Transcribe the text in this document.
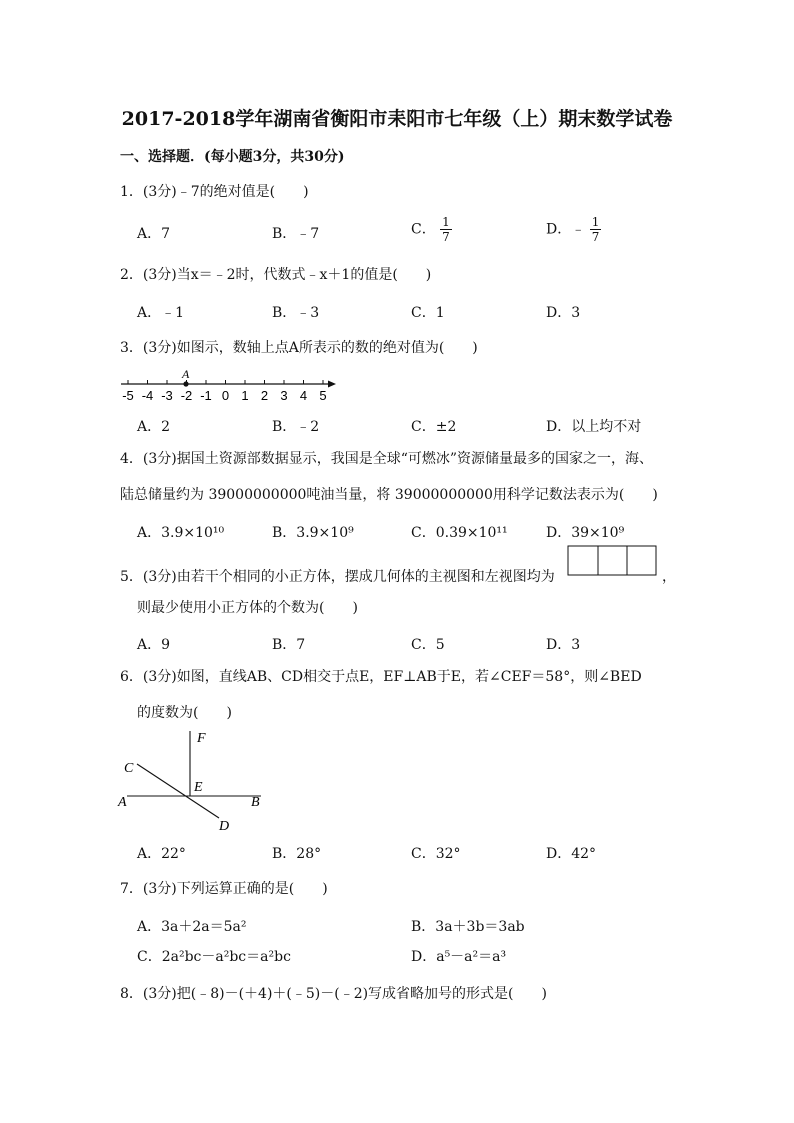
2017-2018学年湖南省衡阳市耒阳市七年级（上）期末数学试卷
一、选择题．(每小题3分，共30分)
1．(3分)﹣7的绝对值是(　　)
A．7	B．﹣7	C． $\frac{1}{7}$	D．﹣ $\frac{1}{7}$
2．(3分)当x＝﹣2时，代数式﹣x＋1的值是(　　)
A．﹣1	B．﹣3	C．1	D．3
3．(3分)如图示，数轴上点A所表示的数的绝对值为(　　)
A
-5 -4 -3 -2 -1 0 1 2 3 4 5
A．2	B．﹣2	C．±2	D．以上均不对
4．(3分)据国土资源部数据显示，我国是全球“可燃冰”资源储量最多的国家之一，海、
陆总储量约为 39000000000吨油当量，将 39000000000用科学记数法表示为(　　)
A．3.9×10¹⁰	B．3.9×10⁹	C．0.39×10¹¹	D．39×10⁹
5．(3分)由若干个相同的小正方体，摆成几何体的主视图和左视图均为	，
则最少使用小正方体的个数为(　　)
A．9	B．7	C．5	D．3
6．(3分)如图，直线AB、CD相交于点E，EF⊥AB于E，若∠CEF＝58°，则∠BED
的度数为(　　)
F
C
E
A	B
D
A．22°	B．28°	C．32°	D．42°
7．(3分)下列运算正确的是(　　)
A．3a＋2a＝5a²	B．3a＋3b＝3ab
C．2a²bc－a²bc＝a²bc	D．a⁵－a²＝a³
8．(3分)把(﹣8)－(＋4)＋(﹣5)－(﹣2)写成省略加号的形式是(　　)
